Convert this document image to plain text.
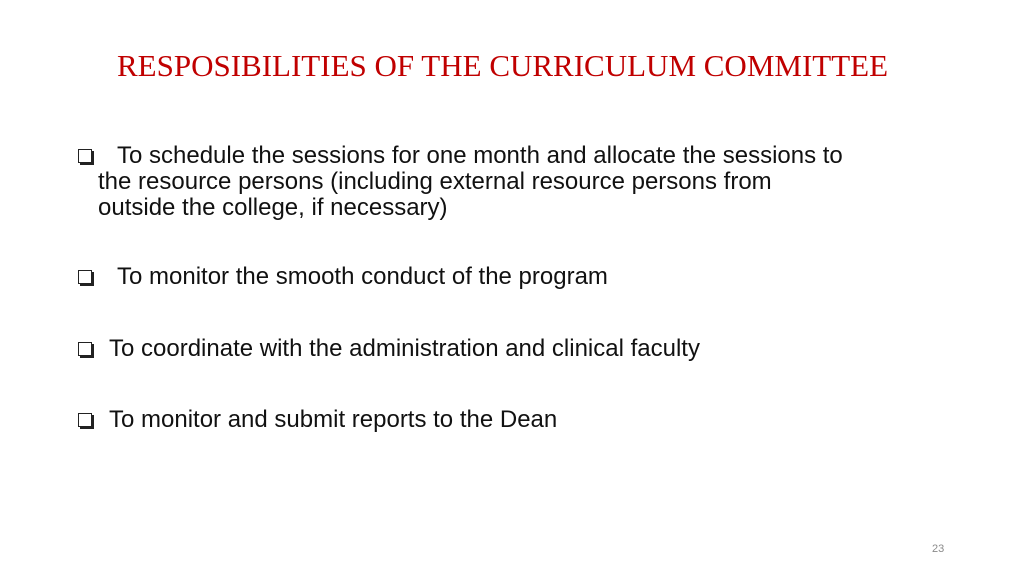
RESPOSIBILITIES OF THE CURRICULUM COMMITTEE
To schedule the sessions for one month and allocate the sessions to
the resource persons (including external resource persons from
outside the college, if necessary)
To monitor the smooth conduct of the program
To coordinate with the administration and clinical faculty
To monitor and submit reports to the Dean
23
